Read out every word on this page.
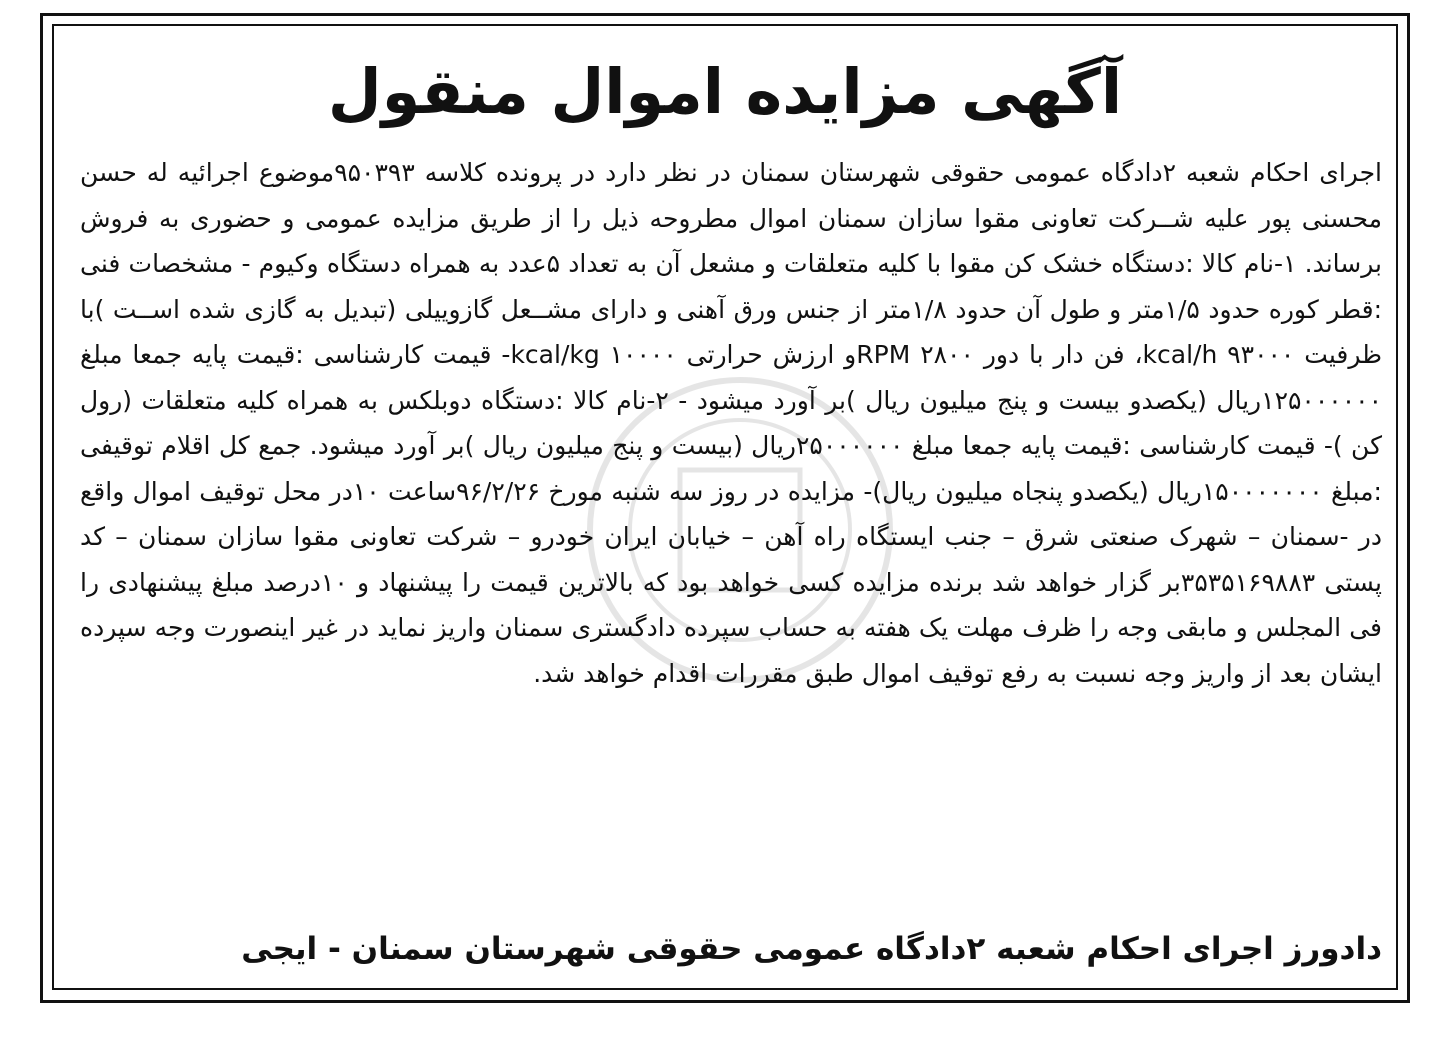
آگهی مزایده اموال منقول
اجرای احکام شعبه ۲دادگاه عمومی حقوقی شهرستان سمنان در نظر دارد در پرونده کلاسه ۹۵۰۳۹۳موضوع اجرائیه له حسن محسنی پور علیه شــرکت تعاونی مقوا سازان سمنان اموال مطروحه ذیل را از طریق مزایده عمومی و حضوری به فروش برساند. ۱-نام کالا :دستگاه خشک کن مقوا با کلیه متعلقات و مشعل آن به تعداد ۵عدد به همراه دستگاه وکیوم - مشخصات فنی :قطر کوره حدود ۱/۵متر و طول آن حدود ۱/۸متر از جنس ورق آهنی و دارای مشــعل گازوییلی (تبدیل به گازی شده اســت )با ظرفیت kcal/h ۹۳۰۰۰، فن دار با دور RPM ۲۸۰۰و ارزش حرارتی kcal/kg ۱۰۰۰۰- قیمت کارشناسی :قیمت پایه جمعا مبلغ ۱۲۵۰۰۰۰۰۰ریال (یکصدو بیست و پنج میلیون ریال )بر آورد میشود - ۲-نام کالا :دستگاه دوبلکس به همراه کلیه متعلقات (رول کن )- قیمت کارشناسی :قیمت پایه جمعا مبلغ ۲۵۰۰۰۰۰۰ریال (بیست و پنج میلیون ریال )بر آورد میشود. جمع کل اقلام توقیفی :مبلغ ۱۵۰۰۰۰۰۰۰ریال (یکصدو پنجاه میلیون ریال)- مزایده در روز سه شنبه مورخ ۹۶/۲/۲۶ساعت ۱۰در محل توقیف اموال واقع در -سمنان – شهرک صنعتی شرق – جنب ایستگاه راه آهن – خیابان ایران خودرو – شرکت تعاونی مقوا سازان سمنان – کد پستی ۳۵۳۵۱۶۹۸۸۳بر گزار خواهد شد برنده مزایده کسی خواهد بود که بالاترین قیمت را پیشنهاد و ۱۰درصد مبلغ پیشنهادی را فی المجلس و مابقی وجه را ظرف مهلت یک هفته به حساب سپرده دادگستری سمنان واریز نماید در غیر اینصورت وجه سپرده ایشان بعد از واریز وجه نسبت به رفع توقیف اموال طبق مقررات اقدام خواهد شد.
دادورز اجرای احکام شعبه ۲دادگاه عمومی حقوقی شهرستان سمنان - ایجی
